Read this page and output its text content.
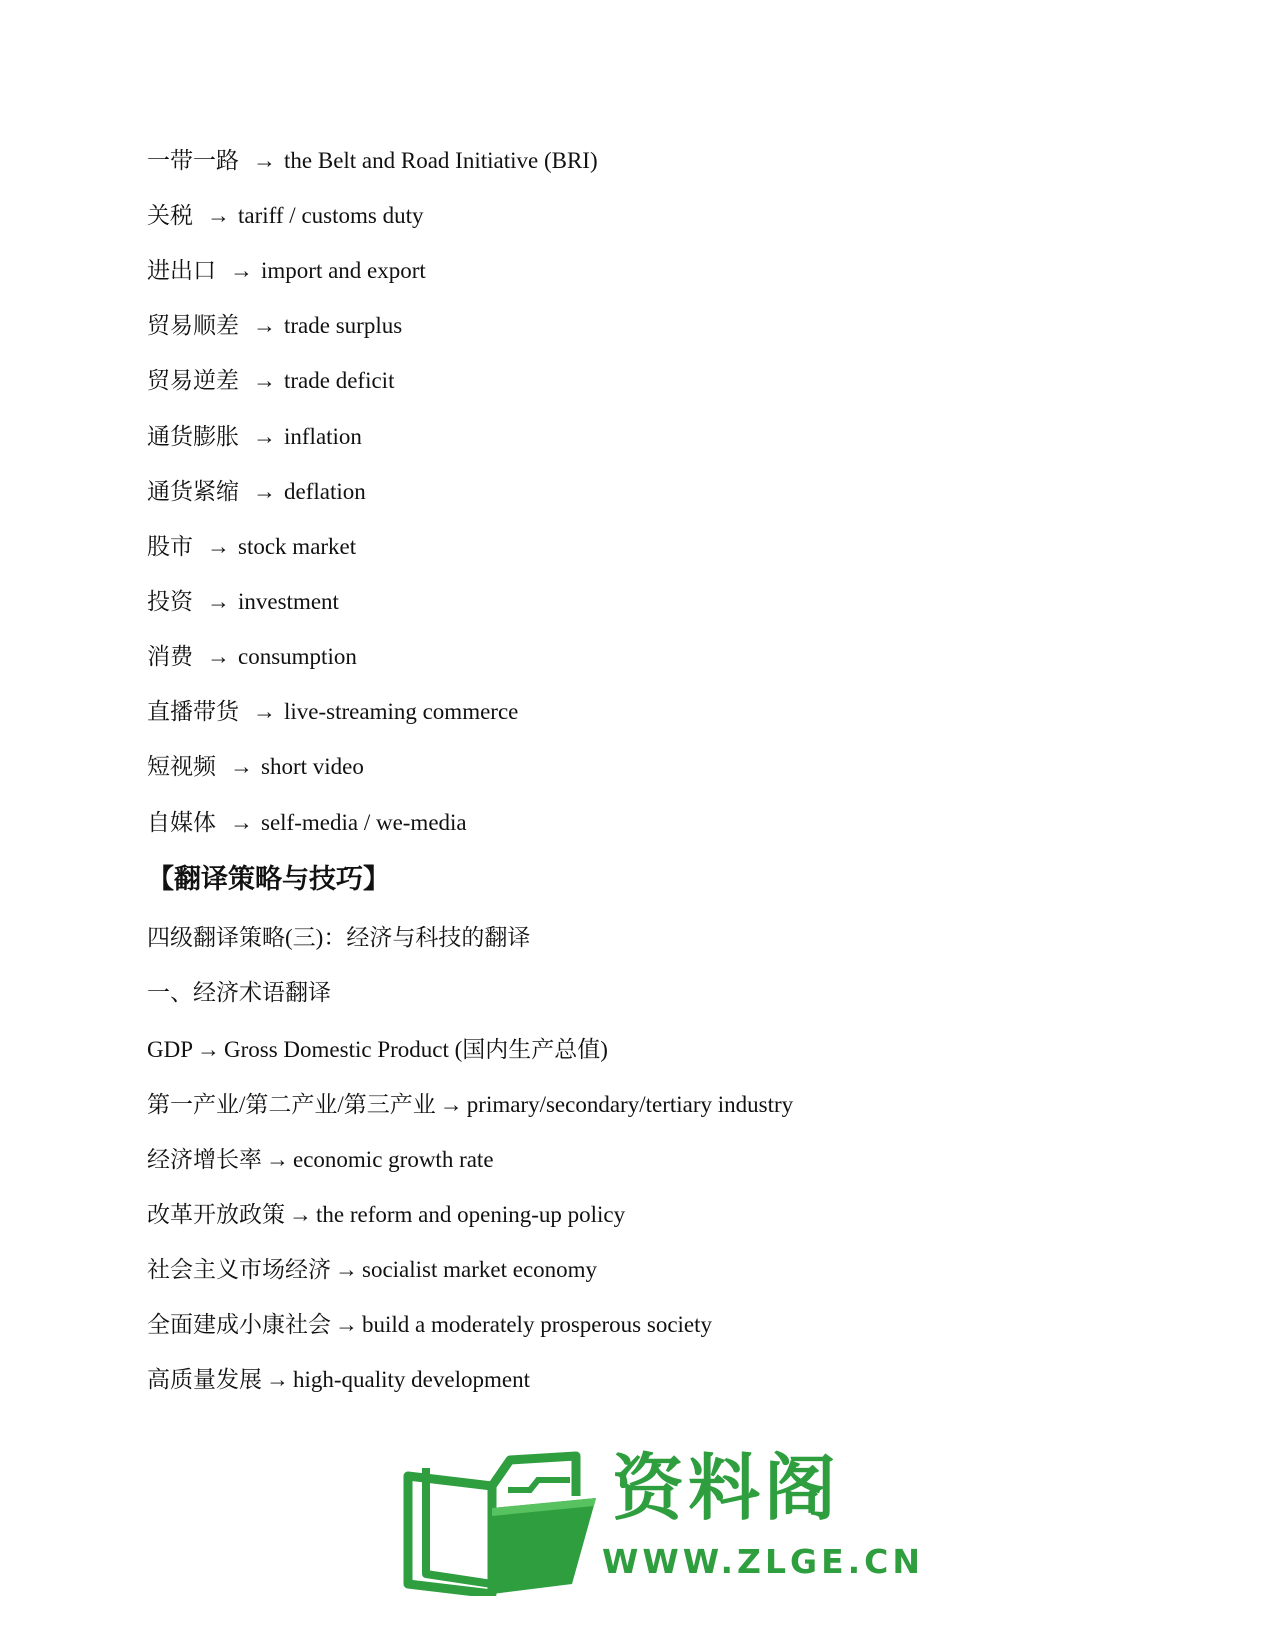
一带一路 → the Belt and Road Initiative (BRI)
关税 → tariff / customs duty
进出口 → import and export
贸易顺差 → trade surplus
贸易逆差 → trade deficit
通货膨胀 → inflation
通货紧缩 → deflation
股市 → stock market
投资 → investment
消费 → consumption
直播带货 → live-streaming commerce
短视频 → short video
自媒体 → self-media / we-media
【翻译策略与技巧】
四级翻译策略(三)：经济与科技的翻译
一、经济术语翻译
GDP → Gross Domestic Product (国内生产总值)
第一产业/第二产业/第三产业 → primary/secondary/tertiary industry
经济增长率 → economic growth rate
改革开放政策 → the reform and opening-up policy
社会主义市场经济 → socialist market economy
全面建成小康社会 → build a moderately prosperous society
高质量发展 → high-quality development
资料阁
WWW.ZLGE.CN
